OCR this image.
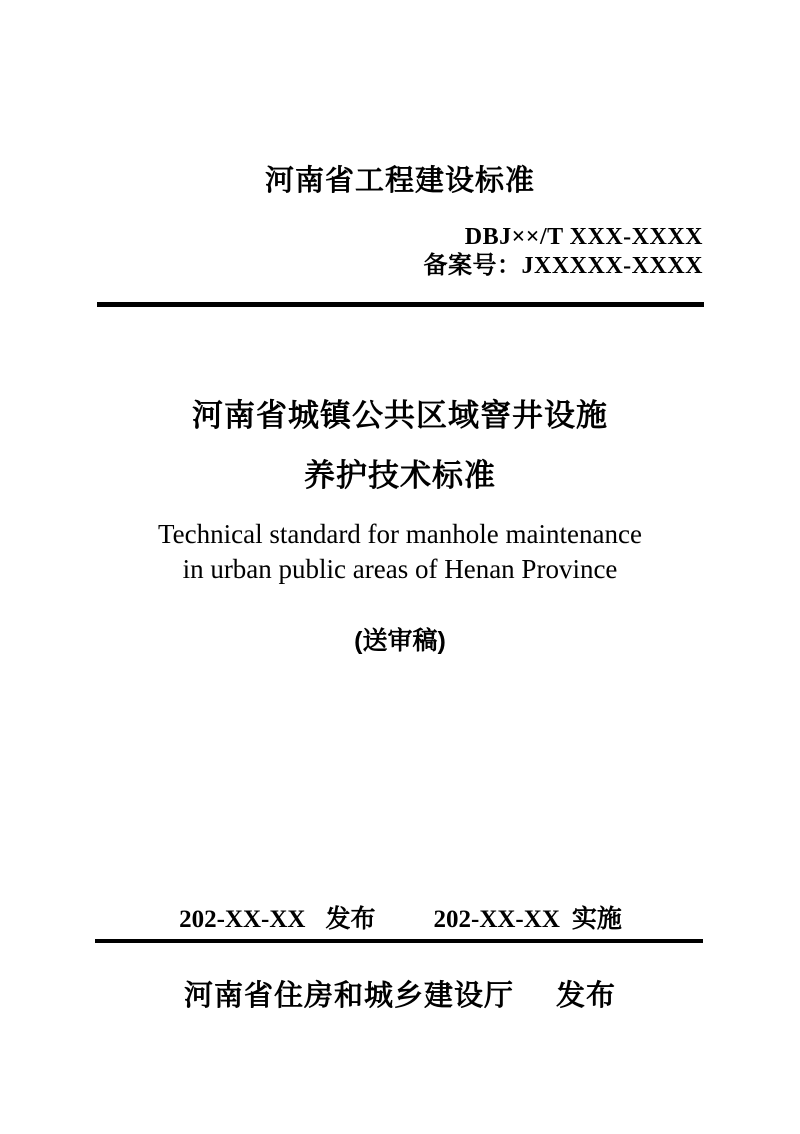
河南省工程建设标准
DBJ××/T XXX-XXXX
备案号：JXXXXX-XXXX
河南省城镇公共区域窨井设施
养护技术标准
Technical standard for manhole maintenance
in urban public areas of Henan Province
(送审稿)
202-XX-XX 发布 202-XX-XX 实施
河南省住房和城乡建设厅 发布
